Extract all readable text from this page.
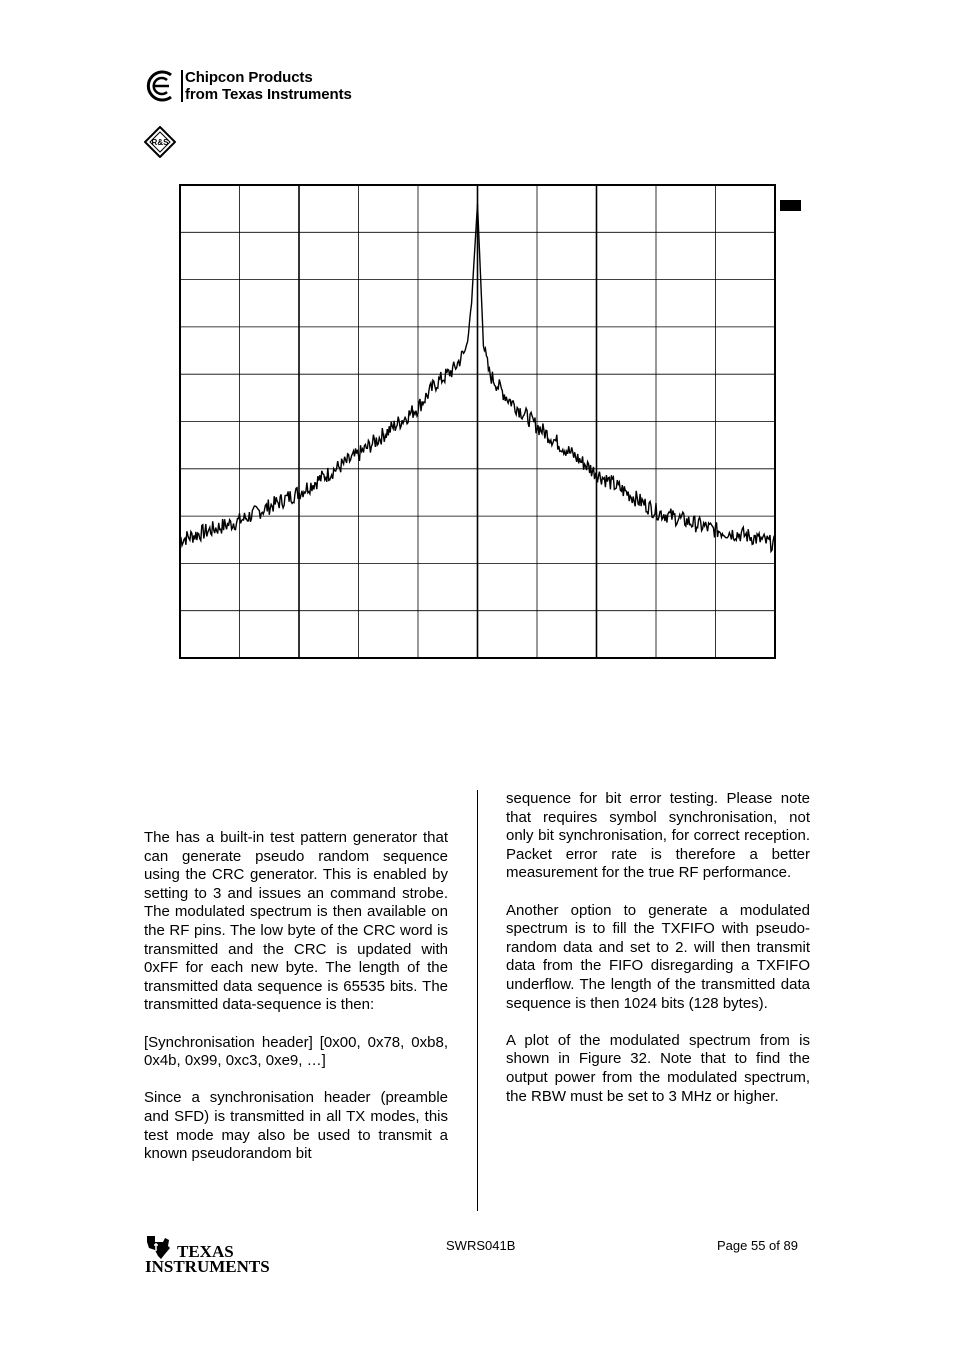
Chipcon Products
from Texas Instruments
R&S

The has a built-in test pattern generator that can generate pseudo random sequence using the CRC generator. This is enabled by setting to 3 and issues an command strobe. The modulated spectrum is then available on the RF pins. The low byte of the CRC word is transmitted and the CRC is updated with 0xFF for each new byte. The length of the transmitted data sequence is 65535 bits. The transmitted data-sequence is then:

[Synchronisation header] [0x00, 0x78, 0xb8, 0x4b, 0x99, 0xc3, 0xe9, …]

Since a synchronisation header (preamble and SFD) is transmitted in all TX modes, this test mode may also be used to transmit a known pseudorandom bit

sequence for bit error testing. Please note that requires symbol synchronisation, not only bit synchronisation, for correct reception. Packet error rate is therefore a better measurement for the true RF performance.

Another option to generate a modulated spectrum is to fill the TXFIFO with pseudo-random data and set to 2. will then transmit data from the FIFO disregarding a TXFIFO underflow. The length of the transmitted data sequence is then 1024 bits (128 bytes).

A plot of the modulated spectrum from is shown in Figure 32. Note that to find the output power from the modulated spectrum, the RBW must be set to 3 MHz or higher.

TEXAS
INSTRUMENTS
SWRS041B	Page 55 of 89
